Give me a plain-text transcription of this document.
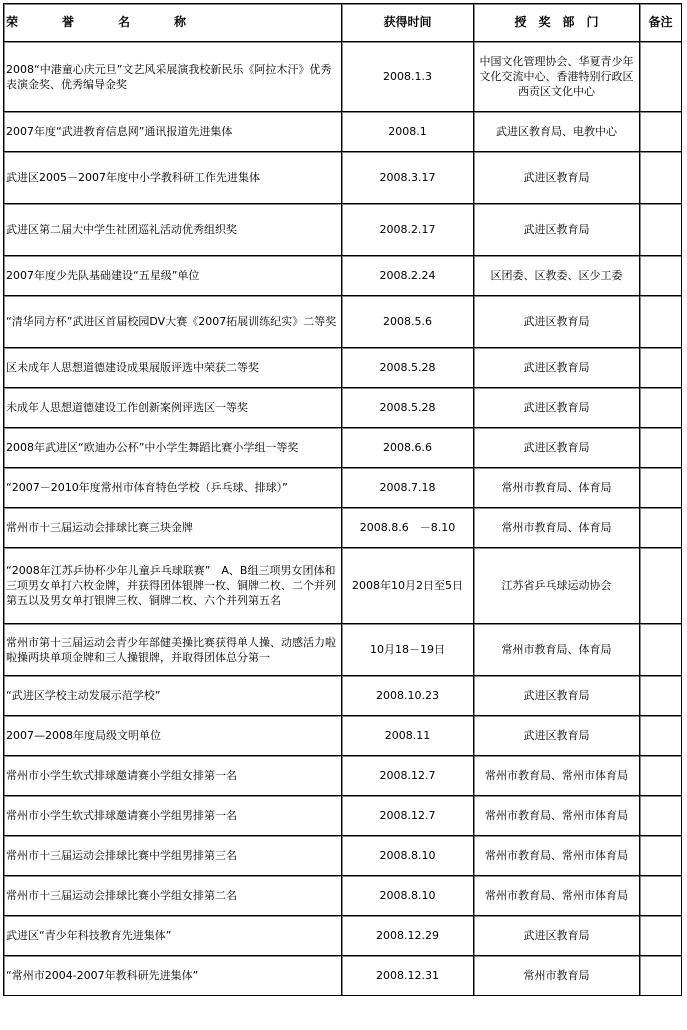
荣　　　誉　　　名　　　称	获得时间	授　奖　部　门	备注
2008“中港童心庆元旦”文艺风采展演我校新民乐《阿拉木汗》优秀表演金奖、优秀编导金奖	2008.1.3	中国文化管理协会、华夏青少年文化交流中心、香港特别行政区西贡区文化中心	
2007年度“武进教育信息网”通讯报道先进集体	2008.1	武进区教育局、电教中心	
武进区2005－2007年度中小学教科研工作先进集体	2008.3.17	武进区教育局	
武进区第二届大中学生社团巡礼活动优秀组织奖	2008.2.17	武进区教育局	
2007年度少先队基础建设“五星级”单位	2008.2.24	区团委、区教委、区少工委	
“清华同方杯”武进区首届校园DV大赛《2007拓展训练纪实》二等奖	2008.5.6	武进区教育局	
区未成年人思想道德建设成果展版评选中荣获二等奖	2008.5.28	武进区教育局	
未成年人思想道德建设工作创新案例评选区一等奖	2008.5.28	武进区教育局	
2008年武进区“欧迪办公杯”中小学生舞蹈比赛小学组一等奖	2008.6.6	武进区教育局	
“2007－2010年度常州市体育特色学校（乒乓球、排球）”	2008.7.18	常州市教育局、体育局	
常州市十三届运动会排球比赛三块金牌	2008.8.6　－8.10	常州市教育局、体育局	
“2008年江苏乒协杯少年儿童乒乓球联赛”　A、B组三项男女团体和三项男女单打六枚金牌，并获得团体银牌一枚、铜牌二枚、二个并列第五以及男女单打银牌三枚、铜牌二枚、六个并列第五名	2008年10月2日至5日	江苏省乒乓球运动协会	
常州市第十三届运动会青少年部健美操比赛获得单人操、动感活力啦啦操两块单项金牌和三人操银牌，并取得团体总分第一	10月18－19日	常州市教育局、体育局	
“武进区学校主动发展示范学校”	2008.10.23	武进区教育局	
2007—2008年度局级文明单位	2008.11	武进区教育局	
常州市小学生软式排球邀请赛小学组女排第一名	2008.12.7	常州市教育局、常州市体育局	
常州市小学生软式排球邀请赛小学组男排第一名	2008.12.7	常州市教育局、常州市体育局	
常州市十三届运动会排球比赛中学组男排第三名	2008.8.10	常州市教育局、常州市体育局	
常州市十三届运动会排球比赛小学组女排第二名	2008.8.10	常州市教育局、常州市体育局	
武进区“青少年科技教育先进集体”	2008.12.29	武进区教育局	
“常州市2004-2007年教科研先进集体”	2008.12.31	常州市教育局	
